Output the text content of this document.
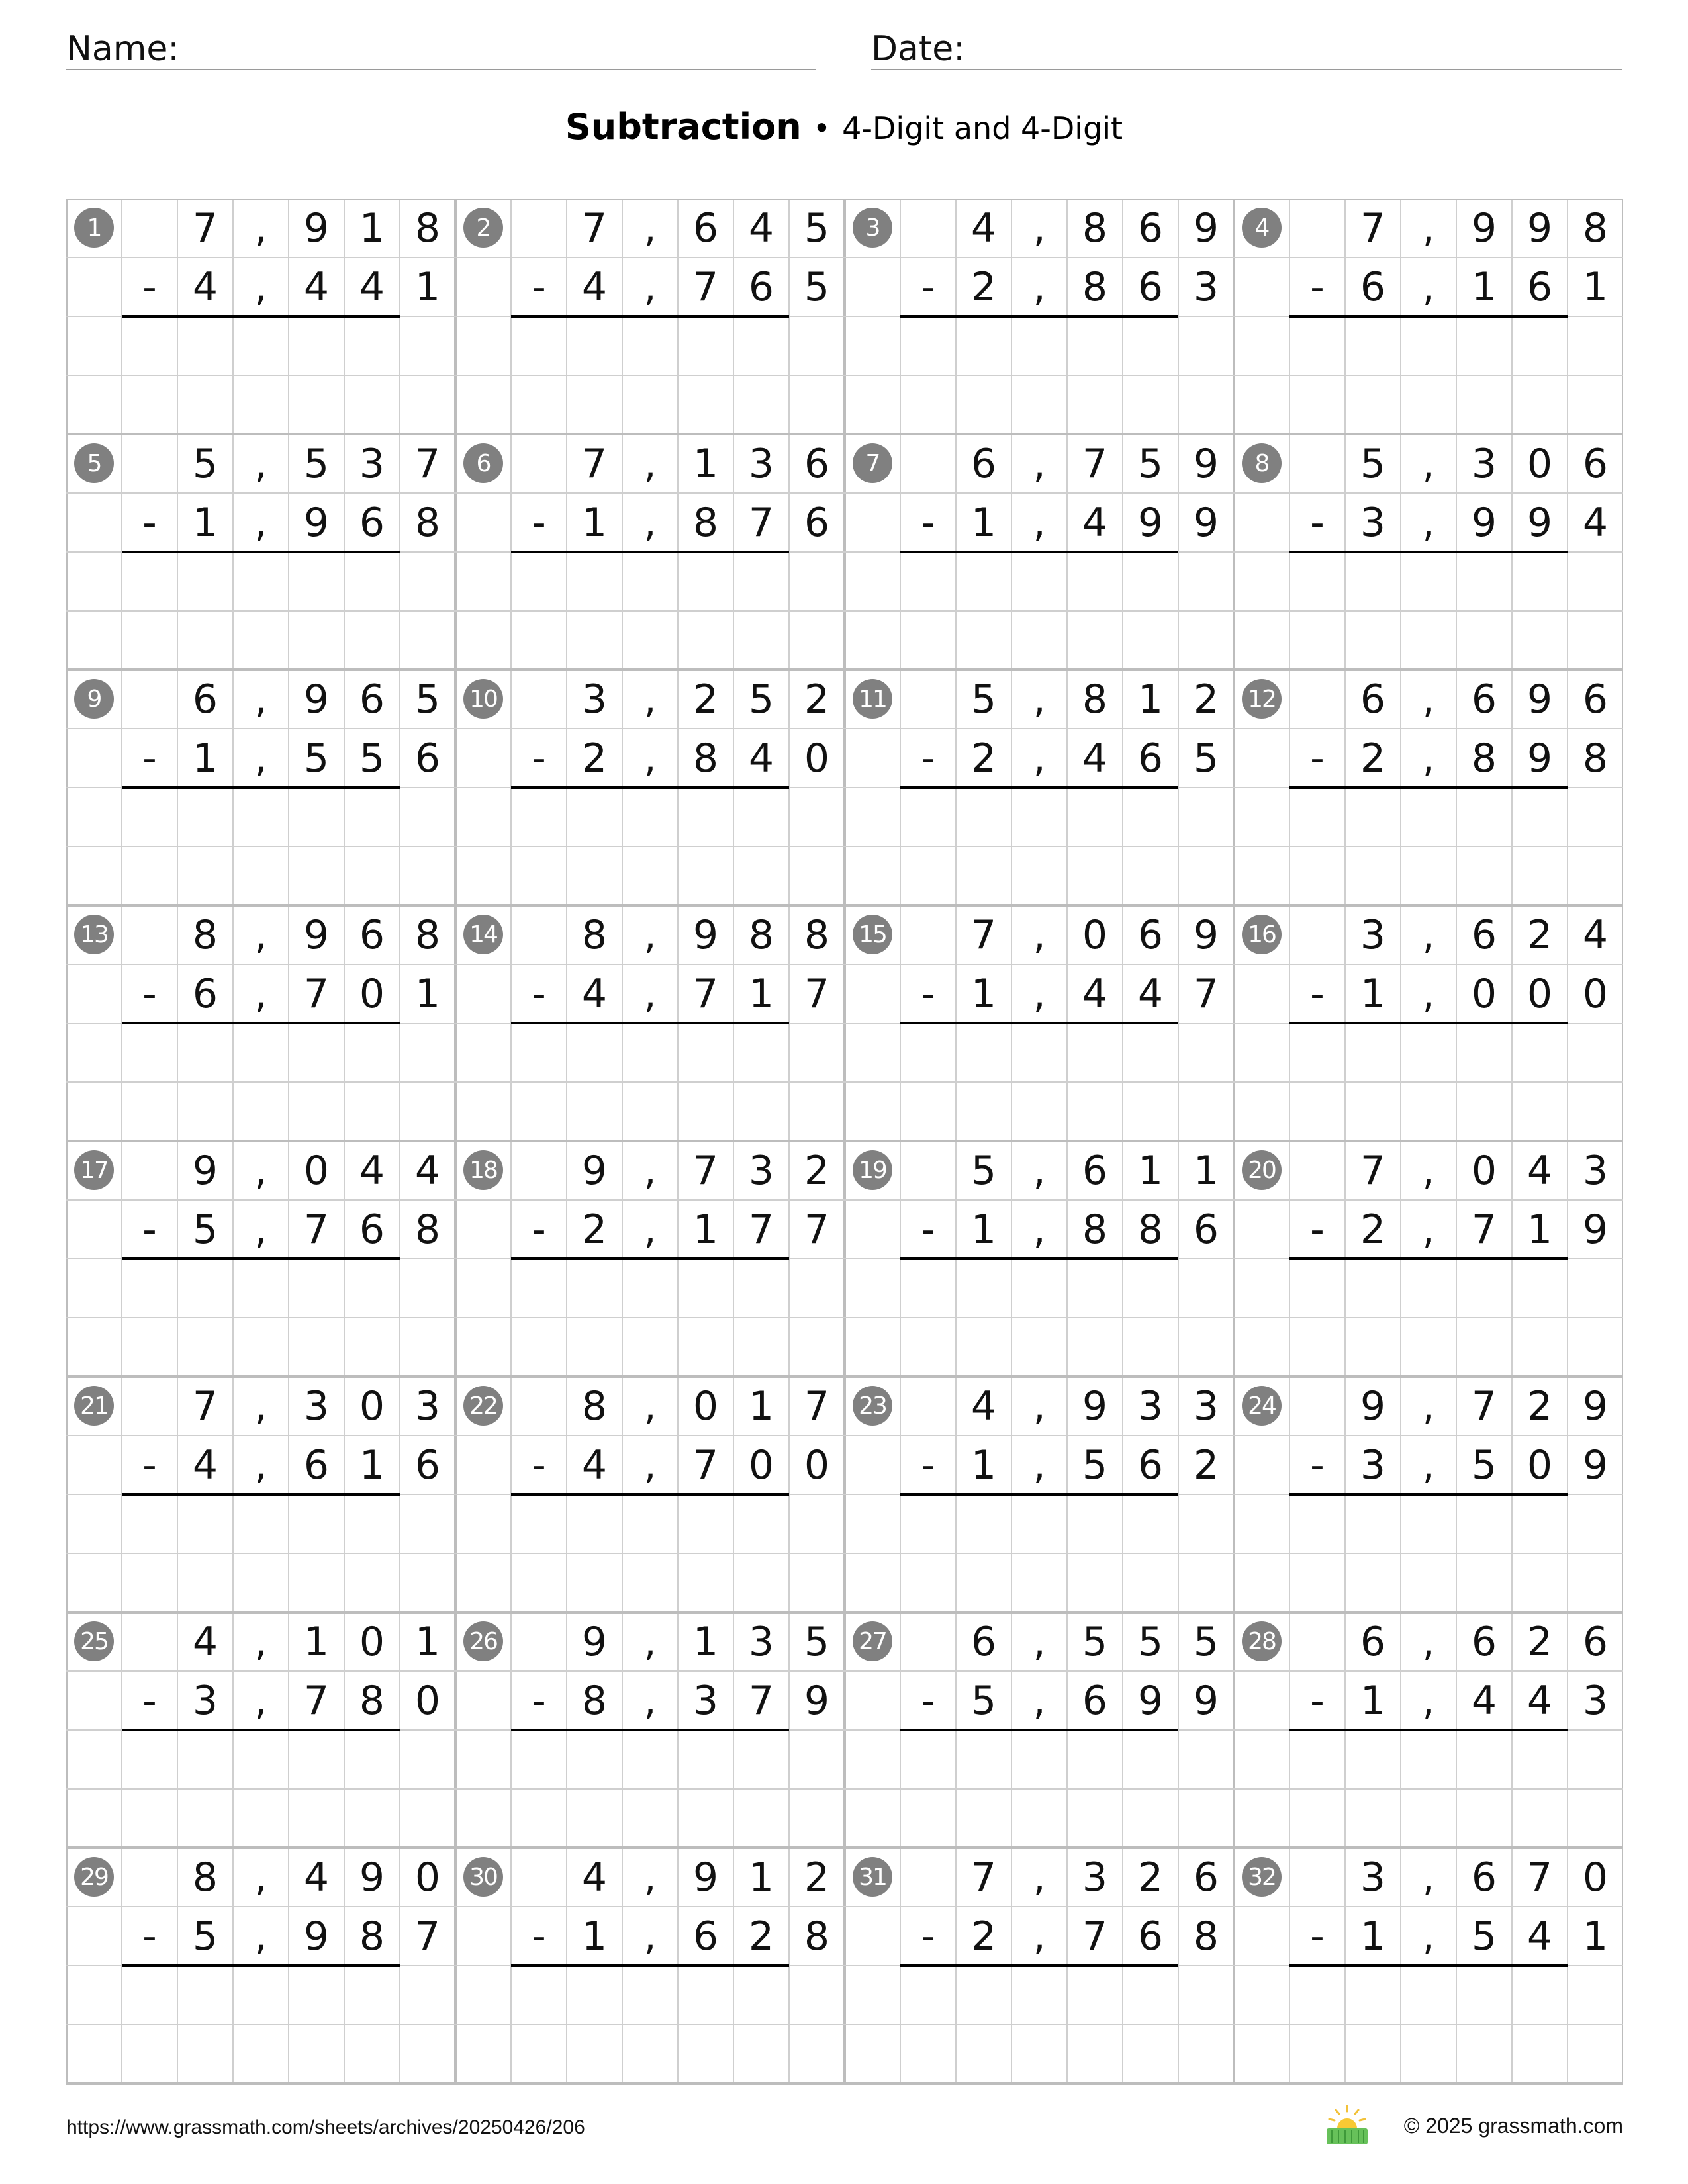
Name:	Date:
Subtraction • 4-Digit and 4-Digit
1	7 , 9 1 8
- 4 , 4 4 1
2	7 , 6 4 5
- 4 , 7 6 5
3	4 , 8 6 9
- 2 , 8 6 3
4	7 , 9 9 8
- 6 , 1 6 1
5	5 , 5 3 7
- 1 , 9 6 8
6	7 , 1 3 6
- 1 , 8 7 6
7	6 , 7 5 9
- 1 , 4 9 9
8	5 , 3 0 6
- 3 , 9 9 4
9	6 , 9 6 5
- 1 , 5 5 6
10	3 , 2 5 2
- 2 , 8 4 0
11	5 , 8 1 2
- 2 , 4 6 5
12	6 , 6 9 6
- 2 , 8 9 8
13	8 , 9 6 8
- 6 , 7 0 1
14	8 , 9 8 8
- 4 , 7 1 7
15	7 , 0 6 9
- 1 , 4 4 7
16	3 , 6 2 4
- 1 , 0 0 0
17	9 , 0 4 4
- 5 , 7 6 8
18	9 , 7 3 2
- 2 , 1 7 7
19	5 , 6 1 1
- 1 , 8 8 6
20	7 , 0 4 3
- 2 , 7 1 9
21	7 , 3 0 3
- 4 , 6 1 6
22	8 , 0 1 7
- 4 , 7 0 0
23	4 , 9 3 3
- 1 , 5 6 2
24	9 , 7 2 9
- 3 , 5 0 9
25	4 , 1 0 1
- 3 , 7 8 0
26	9 , 1 3 5
- 8 , 3 7 9
27	6 , 5 5 5
- 5 , 6 9 9
28	6 , 6 2 6
- 1 , 4 4 3
29	8 , 4 9 0
- 5 , 9 8 7
30	4 , 9 1 2
- 1 , 6 2 8
31	7 , 3 2 6
- 2 , 7 6 8
32	3 , 6 7 0
- 1 , 5 4 1
https://www.grassmath.com/sheets/archives/20250426/206	© 2025 grassmath.com
